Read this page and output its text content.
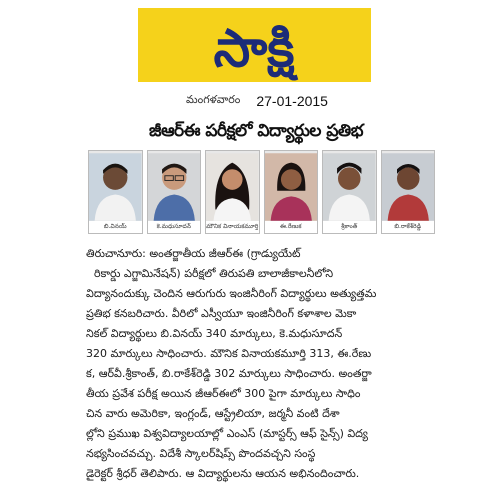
సాక్షి
మంగళవారం 27-01-2015
జీఆర్‌ఈ పరీక్షలో విద్యార్థుల ప్రతిభ
బి.వినయ్	కె.మధుసూదన్	మౌనిక వినాయకమూర్తి	ఈ.రేణుక	శ్రీకాంత్	బి.రాకేశ్‌రెడ్డి
తిరుచానూరు: అంతర్జాతీయ జీఆర్‌ఈ (గ్రాడ్యుయేట్
రికార్డు ఎగ్జామినేషన్) పరీక్షలో తిరుపతి బాలాజీకాలనీలోని
విద్యానందుక్కు చెందిన ఆరుగురు ఇంజినీరింగ్ విద్యార్థులు అత్యుత్తమ
ప్రతిభ కనబరిచారు. వీరిలో ఎస్వీయూ ఇంజినీరింగ్ కళాశాల మెకా
నికల్ విద్యార్థులు బి.వినయ్ 340 మార్కులు, కె.మధుసూదన్
320 మార్కులు సాధించారు. మౌనిక వినాయకమూర్తి 313, ఈ.రేణు
క, ఆర్‌వీ.శ్రీకాంత్, బి.రాకేశ్‌రెడ్డి 302 మార్కులు సాధించారు. అంతర్జా
తీయ ప్రవేశ పరీక్ష అయిన జీఆర్‌ఈలో 300 పైగా మార్కులు సాధిం
చిన వారు అమెరికా, ఇంగ్లండ్, ఆస్ట్రేలియా, జర్మనీ వంటి దేశా
ల్లోని ప్రముఖ విశ్వవిద్యాలయాల్లో ఎంఎస్ (మాస్టర్స్ ఆఫ్ సైన్స్) విద్య
నభ్యసించవచ్చు. విదేశీ స్కాలర్‌షిప్స్ పొందవచ్చని సంస్థ
డైరెక్టర్ శ్రీధర్ తెలిపారు. ఆ విద్యార్థులను ఆయన అభినందించారు.
